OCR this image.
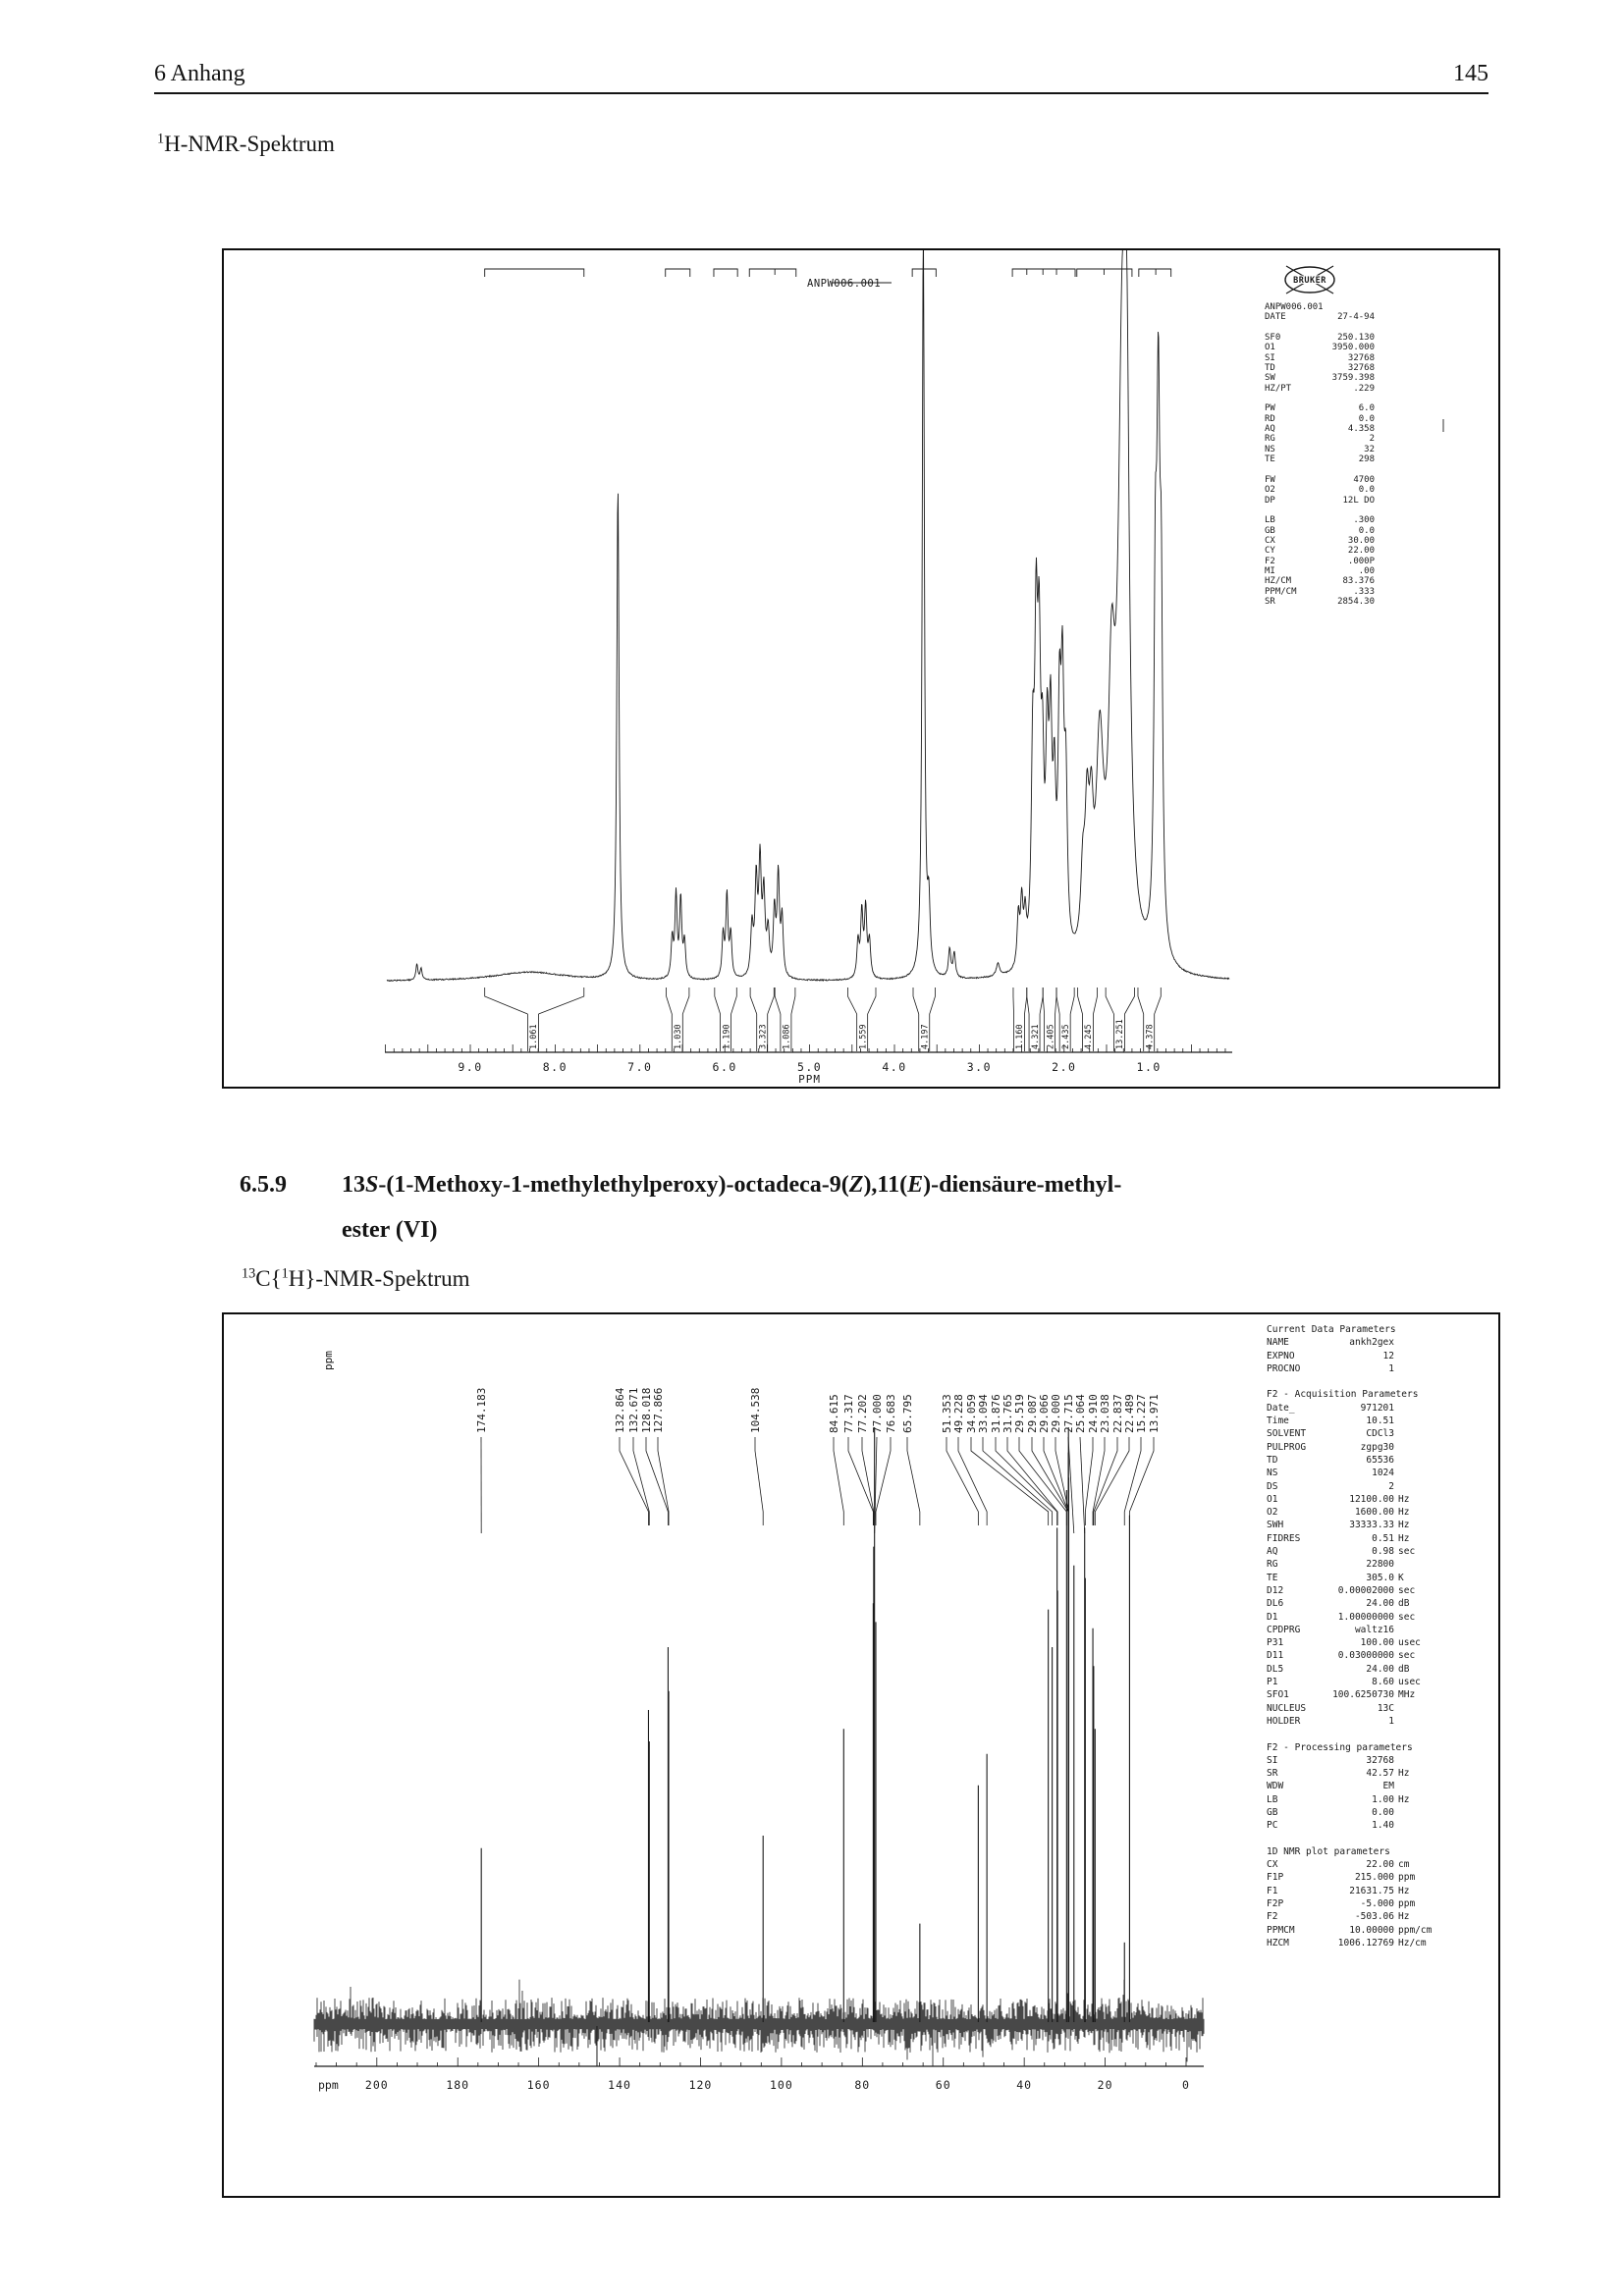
6 Anhang	145
$^1$H-NMR-Spektrum
9.0	8.0	7.0	6.0	5.0	4.0	3.0	2.0	1.0
PPM
1.061	1.030	1.190	3.323 1.086	1.559	4.197	1.160 4.321 2.405 2.435 4.245	13.251 4.378
ANPW006.001	BRUKER
ANPW006.001
DATE	27-4-94
SF0	250.130
O1	3950.000
SI	32768
TD	32768
SW	3759.398
HZ/PT	.229
PW	6.0
RD	0.0
AQ	4.358
RG	2
NS	32
TE	298
FW	4700
O2	0.0
DP	12L DO
LB	.300
GB	0.0
CX	30.00
CY	22.00
F2	.000P
MI	.00
HZ/CM	83.376
PPM/CM	.333
SR	2854.30
6.5.9 13S-(1-Methoxy-1-methylethylperoxy)-octadeca-9(Z),11(E)-diensäure-methyl-
ester (VI)
$^{13}$C{$^1$H}-NMR-Spektrum
174.183	132.864 132.671 128.018 127.866	104.538	84.615 77.317 77.202 77.000 76.683 65.795 51.353 49.228 34.059 33.094 31.876 31.765 29.519 29.087 29.066 29.000 27.715 25.064 24.910 23.038 22.837 22.489 15.227 13.971
ppm
200	180	160	140	120	100	80	60	40	20	0
ppm
Current Data Parameters
NAME	ankh2gex
EXPNO	12
PROCNO	1
F2 - Acquisition Parameters
Date_	971201
Time	10.51
SOLVENT	CDCl3
PULPROG	zgpg30
TD	65536
NS	1024
DS	2
O1	12100.00 Hz
O2	1600.00 Hz
SWH	33333.33 Hz
FIDRES	0.51 Hz
AQ	0.98 sec
RG	22800
TE	305.0 K
D12	0.00002000 sec
DL6	24.00 dB
D1	1.00000000 sec
CPDPRG	waltz16
P31	100.00 usec
D11	0.03000000 sec
DL5	24.00 dB
P1	8.60 usec
SFO1	100.6250730 MHz
NUCLEUS	13C
HOLDER	1
F2 - Processing parameters
SI	32768
SR	42.57 Hz
WDW	EM
LB	1.00 Hz
GB	0.00
PC	1.40
1D NMR plot parameters
CX	22.00 cm
F1P	215.000 ppm
F1	21631.75 Hz
F2P	-5.000 ppm
F2	-503.06 Hz
PPMCM	10.00000 ppm/cm
HZCM	1006.12769 Hz/cm
